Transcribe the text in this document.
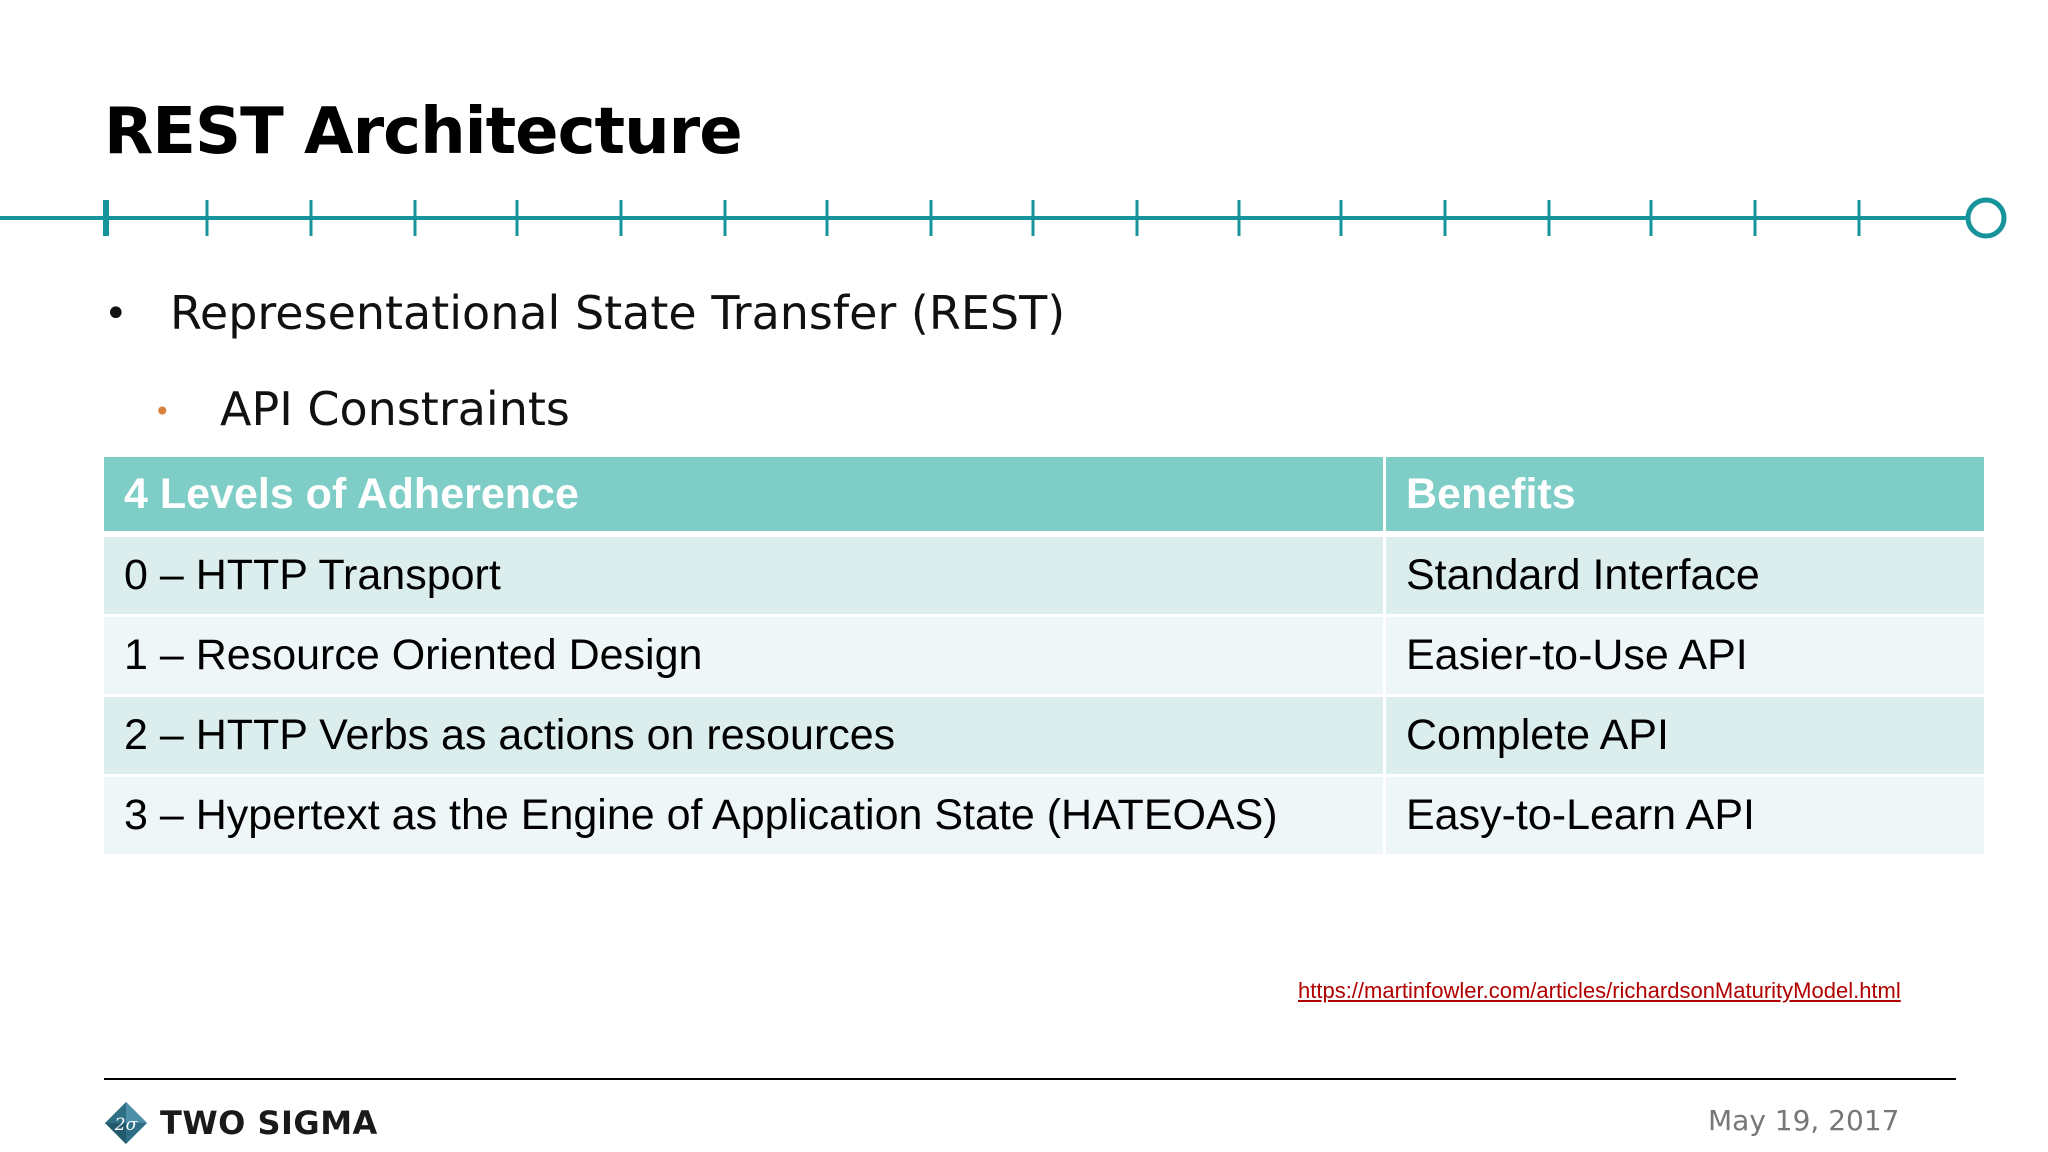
REST Architecture
• Representational State Transfer (REST)
• API Constraints
4 Levels of Adherence	Benefits
0 – HTTP Transport	Standard Interface
1 – Resource Oriented Design	Easier-to-Use API
2 – HTTP Verbs as actions on resources	Complete API
3 – Hypertext as the Engine of Application State (HATEOAS)	Easy-to-Learn API
https://martinfowler.com/articles/richardsonMaturityModel.html
2σ TWO SIGMA	May 19, 2017
